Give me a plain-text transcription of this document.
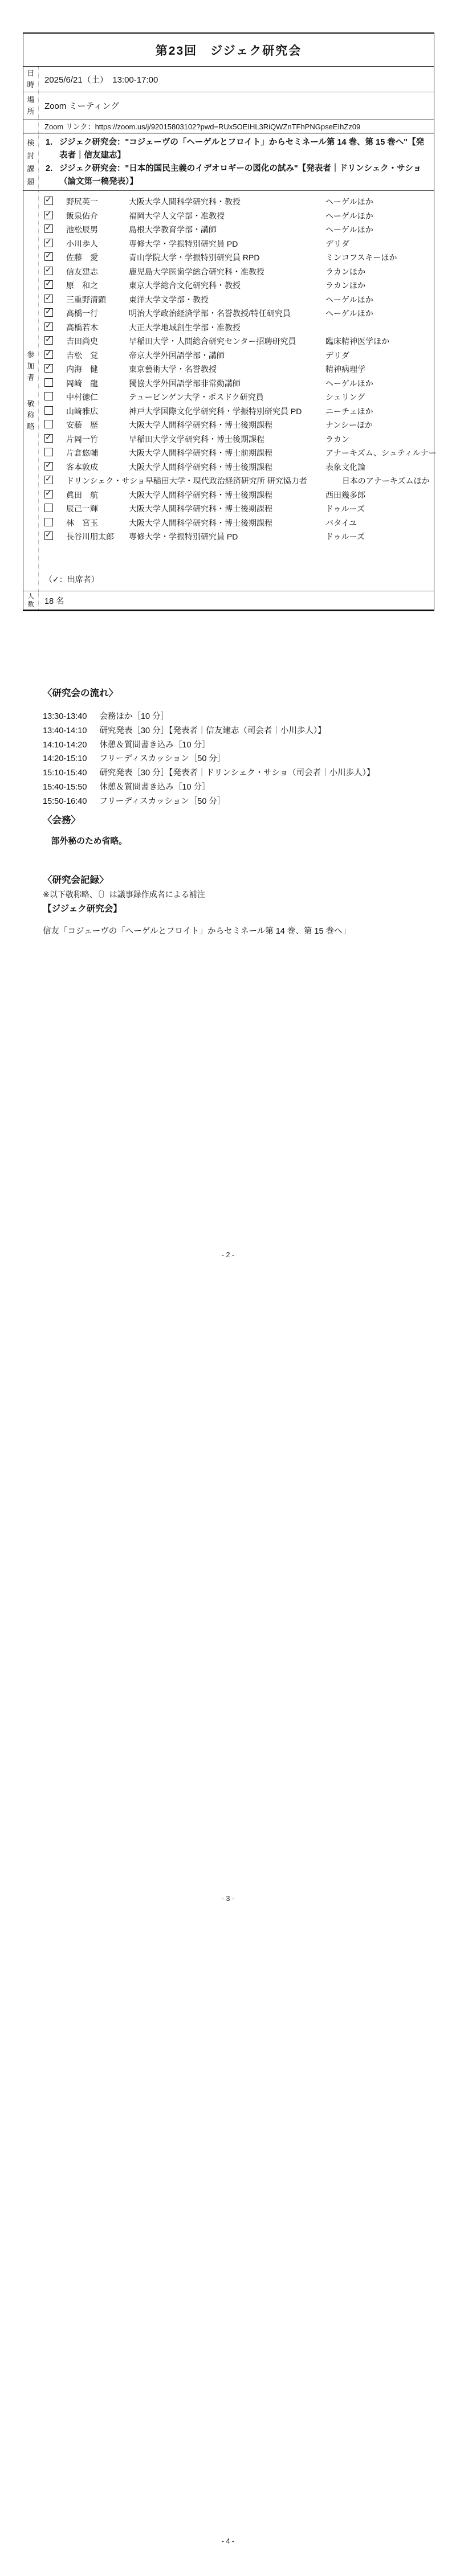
第23回　ジジェク研究会
日時	2025/6/21（土）　13:00-17:00
場所	Zoom ミーティング
Zoom リンク：https://zoom.us/j/92015803102?pwd=RUx5OEIHL3RiQWZnTFhPNGpseEIhZz09
検討課題
1. ジジェク研究会："コジェーヴの「ヘーゲルとフロイト」からセミネール第 14 巻、第 15 巻へ"【発表者｜信友建志】
2. ジジェク研究会："日本的国民主義のイデオロギーの図化の試み"【発表者｜ドリンシェク・サショ（論文第一稿発表）】
参加者
敬称略
✓ 野尻英一	大阪大学人間科学研究科・教授	ヘーゲルほか
✓ 飯泉佑介	福岡大学人文学部・准教授	ヘーゲルほか
✓ 池松辰男	島根大学教育学部・講師	ヘーゲルほか
✓ 小川歩人	専修大学・学振特別研究員 PD	デリダ
✓ 佐藤　愛	青山学院大学・学振特別研究員 RPD	ミンコフスキーほか
✓ 信友建志	鹿児島大学医歯学総合研究科・准教授	ラカンほか
✓ 原　和之	東京大学総合文化研究科・教授	ラカンほか
✓ 三重野清顕	東洋大学文学部・教授	ヘーゲルほか
✓ 高橋一行	明治大学政治経済学部・名誉教授/特任研究員	ヘーゲルほか
✓ 高橋若木	大正大学地域創生学部・准教授
✓ 吉田尚史	早稲田大学・人間総合研究センター招聘研究員	臨床精神医学ほか
✓ 吉松　覚	帝京大学外国語学部・講師	デリダ
✓ 内海　健	東京藝術大学・名誉教授	精神病理学
岡崎　龍	獨協大学外国語学部非常勤講師	ヘーゲルほか
中村徳仁	テュービンゲン大学・ポスドク研究員	シェリング
山﨑雅広	神戸大学国際文化学研究科・学振特別研究員 PD	ニーチェほか
安藤　歴	大阪大学人間科学研究科・博士後期課程	ナンシーほか
✓ 片岡一竹	早稲田大学文学研究科・博士後期課程	ラカン
片倉悠輔	大阪大学人間科学研究科・博士前期課程	アナーキズム、シュティルナー
✓ 客本敦成	大阪大学人間科学研究科・博士後期課程	表象文化論
✓ ドリンシェク・サショ 早稲田大学・現代政治経済研究所 研究協力者	日本のアナーキズムほか
✓ 眞田　航	大阪大学人間科学研究科・博士後期課程	西田幾多郎
辰己一輝	大阪大学人間科学研究科・博士後期課程	ドゥルーズ
林　宮玉	大阪大学人間科学研究科・博士後期課程	バタイユ
✓ 長谷川朋太郎	専修大学・学振特別研究員 PD	ドゥルーズ
（✓：出席者）
人数	18 名
〈研究会の流れ〉
13:30-13:40 会務ほか［10 分］
13:40-14:10 研究発表［30 分］【発表者｜信友建志（司会者｜小川歩人）】
14:10-14:20 休憩＆質問書き込み［10 分］
14:20-15:10 フリーディスカッション［50 分］
15:10-15:40 研究発表［30 分］【発表者｜ドリンシェク・サショ（司会者｜小川歩人）】
15:40-15:50 休憩＆質問書き込み［10 分］
15:50-16:40 フリーディスカッション［50 分］
〈会務〉
部外秘のため省略。
〈研究会記録〉
※以下敬称略、〔〕は議事録作成者による補注
【ジジェク研究会】
信友「コジェーヴの「ヘーゲルとフロイト」からセミネール第 14 巻、第 15 巻へ」
- 2 -
- 3 -
- 4 -
